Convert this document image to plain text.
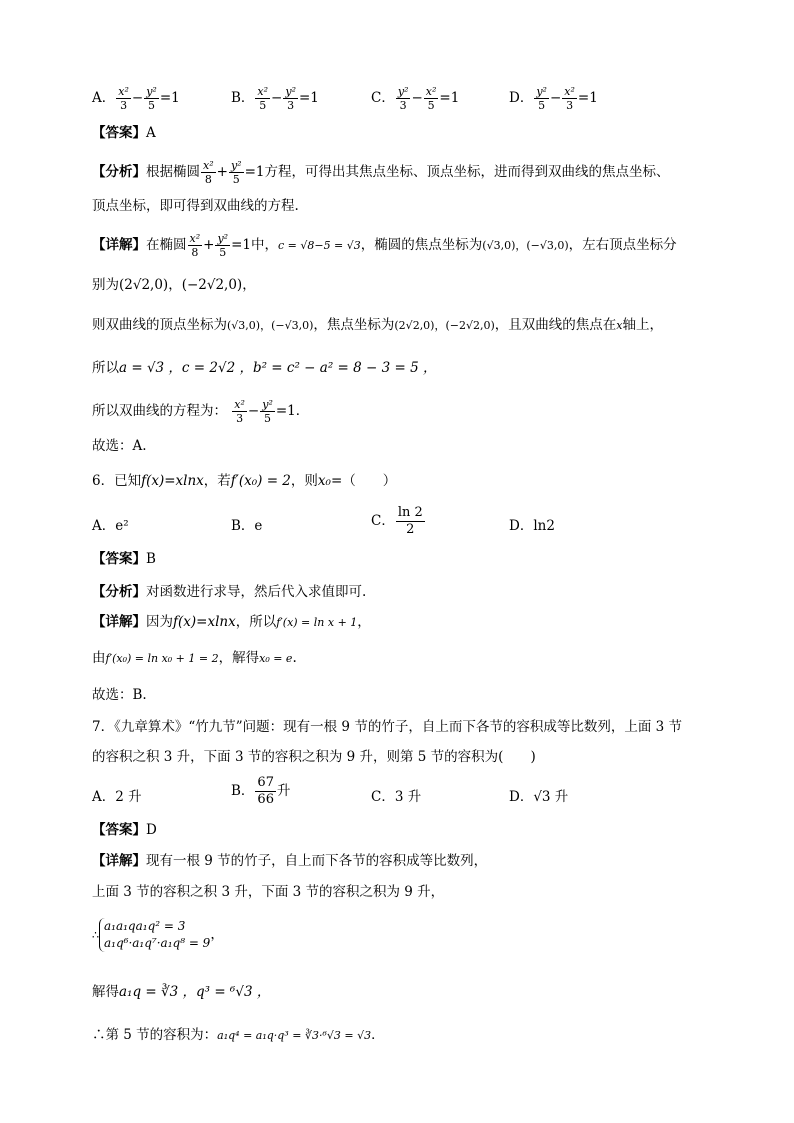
A． $\frac{\text{x²}}{3} - \frac{\text{y²}}{5} =1$	B． $\frac{\text{x²}}{5} - \frac{\text{y²}}{3} =1$	C． $\frac{\text{y²}}{3} - \frac{\text{x²}}{5} =1$	D． $\frac{\text{y²}}{5} - \frac{\text{x²}}{3} =1$
【答案】A
【分析】根据椭圆 $\frac{\text{x²}}{8} + \frac{\text{y²}}{5} =1$方程，可得出其焦点坐标、顶点坐标，进而得到双曲线的焦点坐标、
顶点坐标，即可得到双曲线的方程.
【详解】在椭圆 $\frac{\text{x²}}{8} + \frac{\text{y²}}{5} =1$中，c = √8−5 = √3，椭圆的焦点坐标为(√3,0)，(−√3,0)，左右顶点坐标分
别为(2√2,0)，(−2√2,0)，
则双曲线的顶点坐标为(√3,0)，(−√3,0)，焦点坐标为(2√2,0)，(−2√2,0)，且双曲线的焦点在x轴上，
所以a = √3 ，c = 2√2 ，b² = c² − a² = 8 − 3 = 5 ，
所以双曲线的方程为： $\frac{\text{x²}}{3} - \frac{\text{y²}}{5} =1$．
故选：A.
6．已知f(x)=xlnx，若f′(x₀) = 2，则x₀=（　　）
A．e²	B．e	C． $\frac{\ln 2}{2}$	D．ln2
【答案】B
【分析】对函数进行求导，然后代入求值即可.
【详解】因为f(x)=xlnx，所以f′(x) = ln x + 1，
由f′(x₀) = ln x₀ + 1 = 2，解得x₀ = e.
故选：B.
7．《九章算术》“竹九节”问题：现有一根 9 节的竹子，自上而下各节的容积成等比数列，上面 3 节
的容积之积 3 升，下面 3 节的容积之积为 9 升，则第 5 节的容积为(　　)
A．2 升	B． $\frac{67}{66}$ 升	C．3 升	D．√3 升
【答案】D
【详解】现有一根 9 节的竹子，自上而下各节的容积成等比数列，
上面 3 节的容积之积 3 升，下面 3 节的容积之积为 9 升，
∴
a₁a₁qa₁q² = 3
a₁q⁶·a₁q⁷·a₁q⁸ = 9
，
解得a₁q = ∛3 ，q³ = ⁶√3 ，
∴第 5 节的容积为：a₁q⁴ = a₁q·q³ = ∛3·⁶√3 = √3．
